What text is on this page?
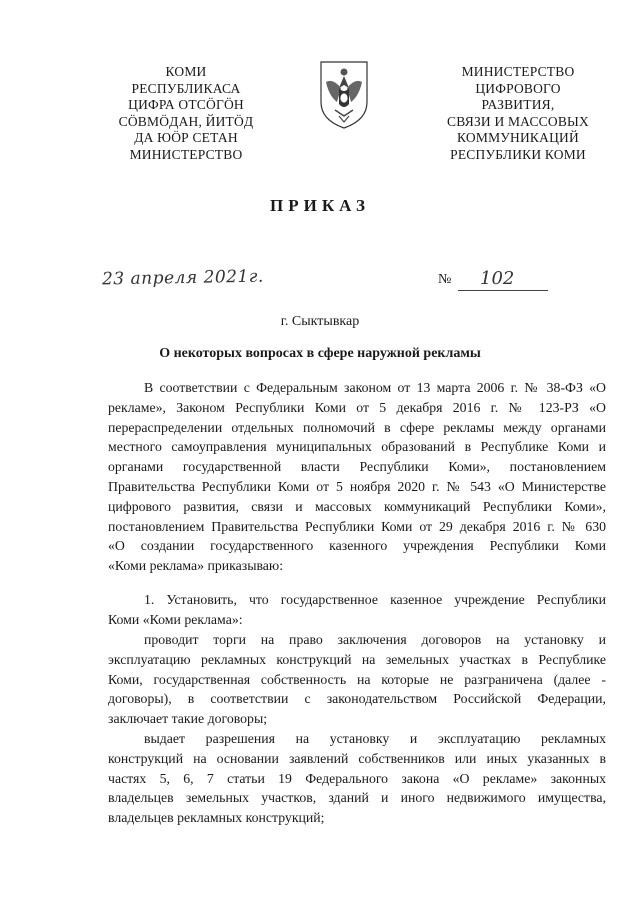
КОМИ
РЕСПУБЛИКАСА
ЦИФРА ОТСӦГӦН
СӦВМӦДАН, ЙИТӦД
ДА ЮӦР СЕТАН
МИНИСТЕРСТВО
МИНИСТЕРСТВО
ЦИФРОВОГО
РАЗВИТИЯ,
СВЯЗИ И МАССОВЫХ
КОММУНИКАЦИЙ
РЕСПУБЛИКИ КОМИ
ПРИКАЗ
23 апреля 2021г.	№ 102
г. Сыктывкар
О некоторых вопросах в сфере наружной рекламы
В соответствии с Федеральным законом от 13 марта 2006 г. № 38-ФЗ «О
рекламе», Законом Республики Коми от 5 декабря 2016 г. № 123-РЗ «О
перераспределении отдельных полномочий в сфере рекламы между органами
местного самоуправления муниципальных образований в Республике Коми и
органами государственной власти Республики Коми», постановлением
Правительства Республики Коми от 5 ноября 2020 г. № 543 «О Министерстве
цифрового развития, связи и массовых коммуникаций Республики Коми»,
постановлением Правительства Республики Коми от 29 декабря 2016 г. № 630
«О создании государственного казенного учреждения Республики Коми
«Коми реклама» приказываю:
1. Установить, что государственное казенное учреждение Республики
Коми «Коми реклама»:
проводит торги на право заключения договоров на установку и
эксплуатацию рекламных конструкций на земельных участках в Республике
Коми, государственная собственность на которые не разграничена (далее -
договоры), в соответствии с законодательством Российской Федерации,
заключает такие договоры;
выдает разрешения на установку и эксплуатацию рекламных
конструкций на основании заявлений собственников или иных указанных в
частях 5, 6, 7 статьи 19 Федерального закона «О рекламе» законных
владельцев земельных участков, зданий и иного недвижимого имущества,
владельцев рекламных конструкций;
